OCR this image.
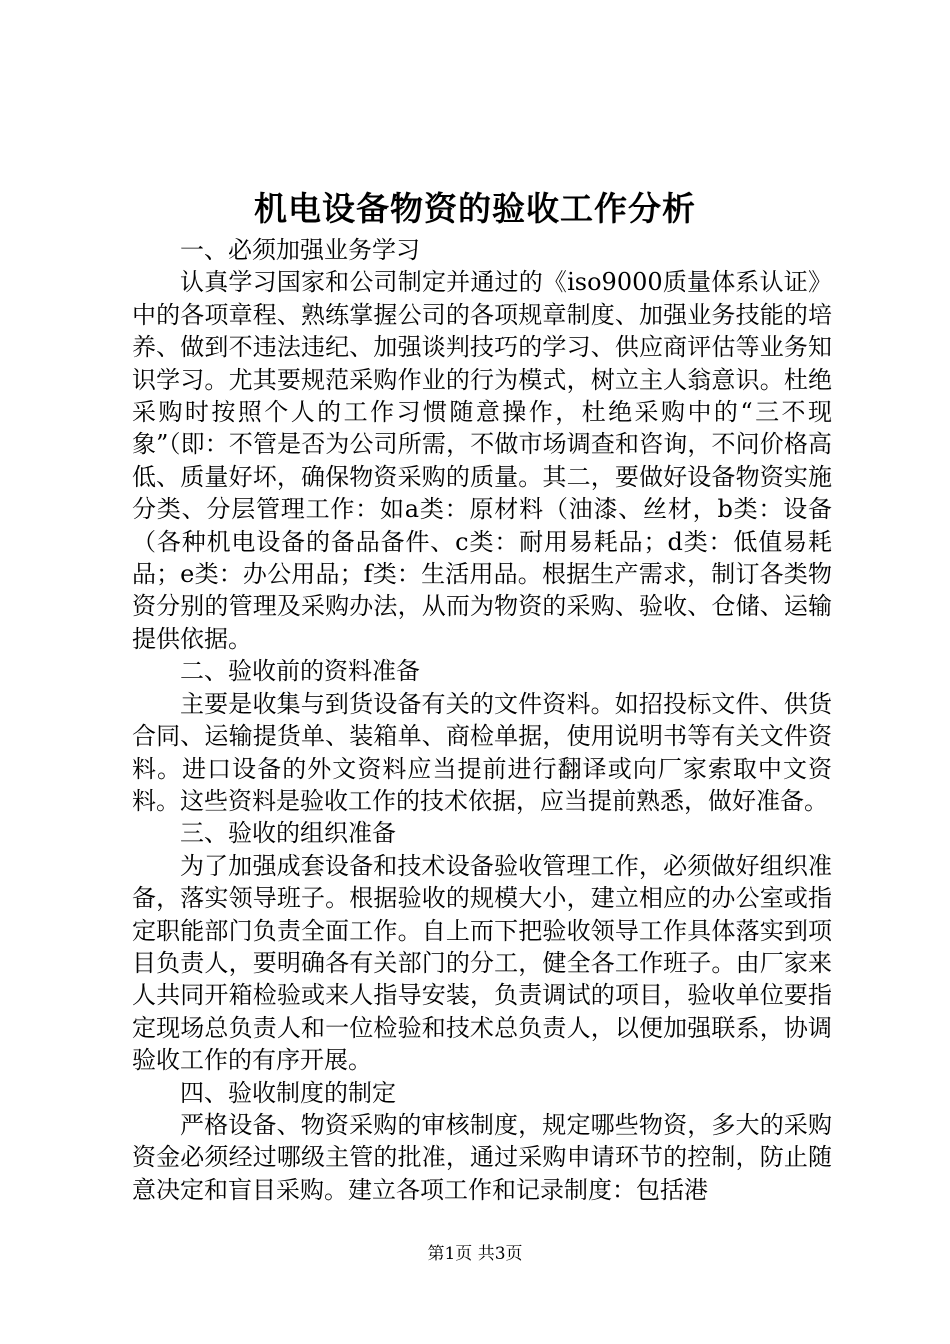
机电设备物资的验收工作分析

一、必须加强业务学习

认真学习国家和公司制定并通过的《iso9000质量体系认证》中的各项章程、熟练掌握公司的各项规章制度、加强业务技能的培养、做到不违法违纪、加强谈判技巧的学习、供应商评估等业务知识学习。尤其要规范采购作业的行为模式，树立主人翁意识。杜绝采购时按照个人的工作习惯随意操作，杜绝采购中的“三不现象”（即：不管是否为公司所需，不做市场调查和咨询，不问价格高低、质量好坏，确保物资采购的质量。其二，要做好设备物资实施分类、分层管理工作：如a类：原材料（油漆、丝材，b类：设备（各种机电设备的备品备件、c类：耐用易耗品；d类：低值易耗品；e类：办公用品；f类：生活用品。根据生产需求，制订各类物资分别的管理及采购办法，从而为物资的采购、验收、仓储、运输提供依据。

二、验收前的资料准备

主要是收集与到货设备有关的文件资料。如招投标文件、供货合同、运输提货单、装箱单、商检单据，使用说明书等有关文件资料。进口设备的外文资料应当提前进行翻译或向厂家索取中文资料。这些资料是验收工作的技术依据，应当提前熟悉，做好准备。

三、验收的组织准备

为了加强成套设备和技术设备验收管理工作，必须做好组织准备，落实领导班子。根据验收的规模大小，建立相应的办公室或指定职能部门负责全面工作。自上而下把验收领导工作具体落实到项目负责人，要明确各有关部门的分工，健全各工作班子。由厂家来人共同开箱检验或来人指导安装，负责调试的项目，验收单位要指定现场总负责人和一位检验和技术总负责人，以便加强联系，协调验收工作的有序开展。

四、验收制度的制定

严格设备、物资采购的审核制度，规定哪些物资，多大的采购资金必须经过哪级主管的批准，通过采购申请环节的控制，防止随意决定和盲目采购。建立各项工作和记录制度：包括港

第1页 共3页
